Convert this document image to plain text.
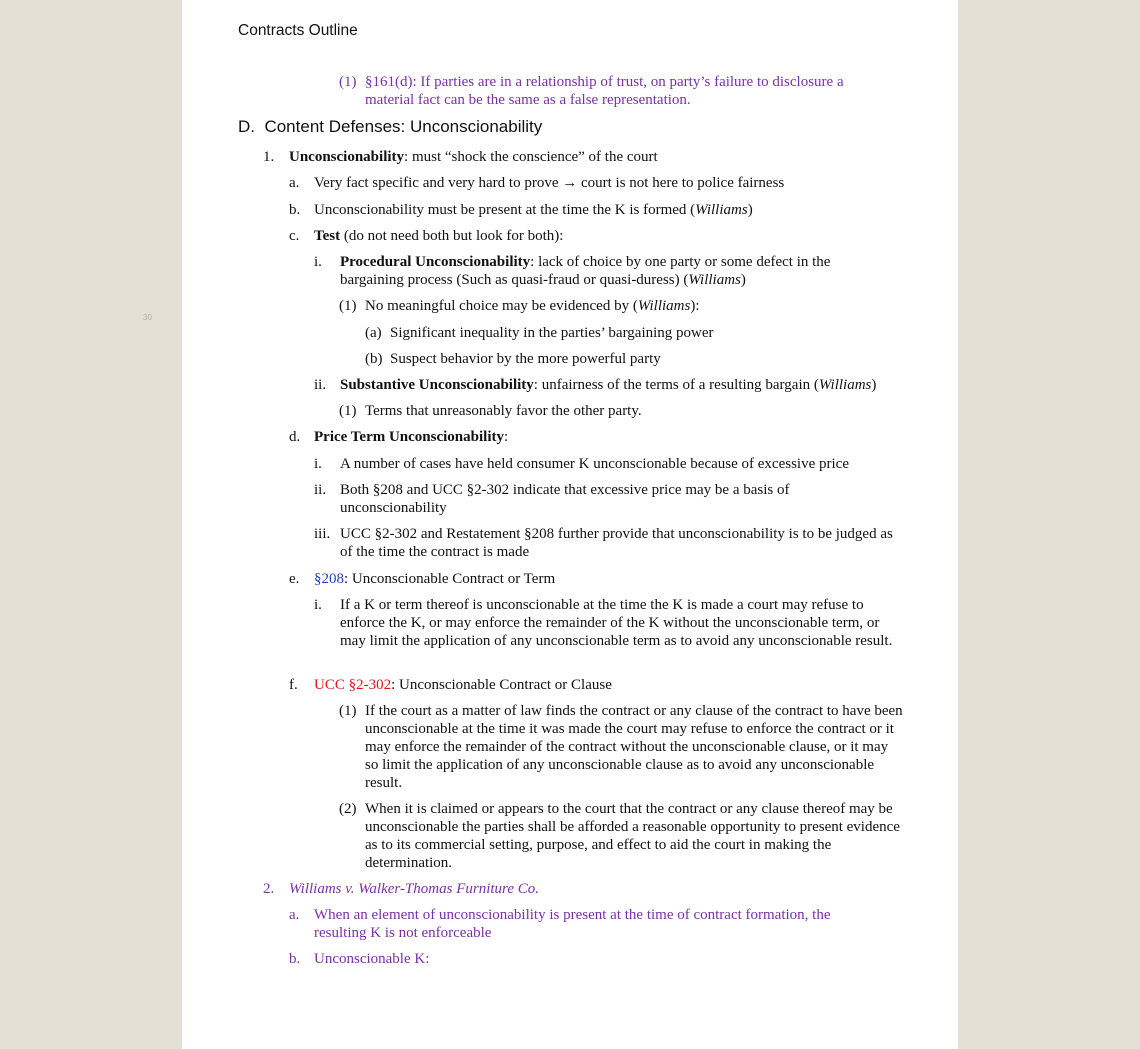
30
Contracts Outline
(1) §161(d): If parties are in a relationship of trust, on party’s failure to disclosure a material fact can be the same as a false representation.
D. Content Defenses: Unconscionability
1. Unconscionability: must “shock the conscience” of the court
a. Very fact specific and very hard to prove → court is not here to police fairness
b. Unconscionability must be present at the time the K is formed (Williams)
c. Test (do not need both but look for both):
i. Procedural Unconscionability: lack of choice by one party or some defect in the bargaining process (Such as quasi-fraud or quasi-duress) (Williams)
(1) No meaningful choice may be evidenced by (Williams):
(a) Significant inequality in the parties’ bargaining power
(b) Suspect behavior by the more powerful party
ii. Substantive Unconscionability: unfairness of the terms of a resulting bargain (Williams)
(1) Terms that unreasonably favor the other party.
d. Price Term Unconscionability:
i. A number of cases have held consumer K unconscionable because of excessive price
ii. Both §208 and UCC §2-302 indicate that excessive price may be a basis of unconscionability
iii. UCC §2-302 and Restatement §208 further provide that unconscionability is to be judged as of the time the contract is made
e. §208: Unconscionable Contract or Term
i. If a K or term thereof is unconscionable at the time the K is made a court may refuse to enforce the K, or may enforce the remainder of the K without the unconscionable term, or may limit the application of any unconscionable term as to avoid any unconscionable result.
f. UCC §2-302: Unconscionable Contract or Clause
(1) If the court as a matter of law finds the contract or any clause of the contract to have been unconscionable at the time it was made the court may refuse to enforce the contract or it may enforce the remainder of the contract without the unconscionable clause, or it may so limit the application of any unconscionable clause as to avoid any unconscionable result.
(2) When it is claimed or appears to the court that the contract or any clause thereof may be unconscionable the parties shall be afforded a reasonable opportunity to present evidence as to its commercial setting, purpose, and effect to aid the court in making the determination.
2. Williams v. Walker-Thomas Furniture Co.
a. When an element of unconscionability is present at the time of contract formation, the resulting K is not enforceable
b. Unconscionable K:
